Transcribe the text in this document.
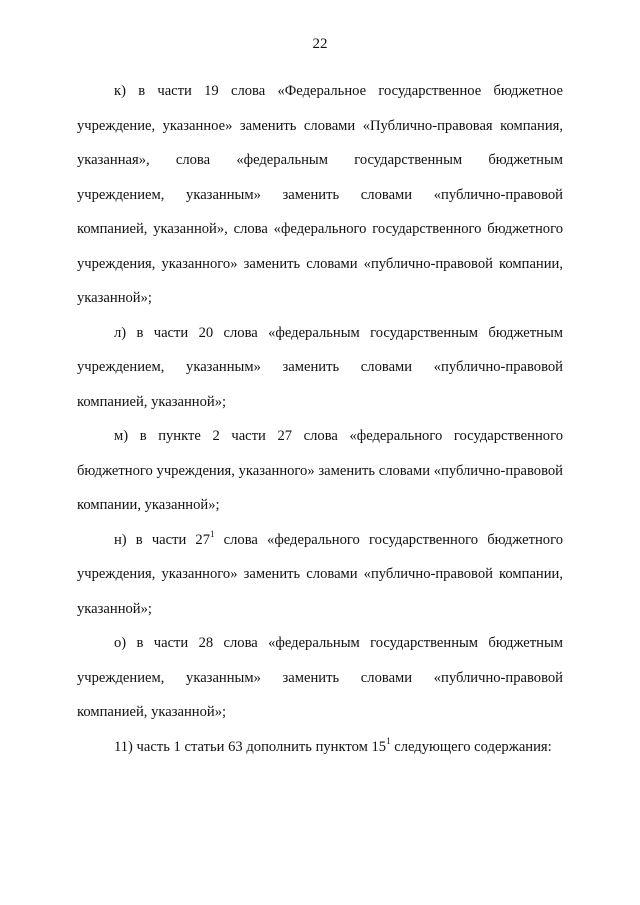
22

к) в части 19 слова «Федеральное государственное бюджетное учреждение, указанное» заменить словами «Публично-правовая компания, указанная», слова «федеральным государственным бюджетным учреждением, указанным» заменить словами «публично-правовой компанией, указанной», слова «федерального государственного бюджетного учреждения, указанного» заменить словами «публично-правовой компании, указанной»;

л) в части 20 слова «федеральным государственным бюджетным учреждением, указанным» заменить словами «публично-правовой компанией, указанной»;

м) в пункте 2 части 27 слова «федерального государственного бюджетного учреждения, указанного» заменить словами «публично-правовой компании, указанной»;

н) в части $27^1$ слова «федерального государственного бюджетного учреждения, указанного» заменить словами «публично-правовой компании, указанной»;

о) в части 28 слова «федеральным государственным бюджетным учреждением, указанным» заменить словами «публично-правовой компанией, указанной»;

11) часть 1 статьи 63 дополнить пунктом $15^1$ следующего содержания:
